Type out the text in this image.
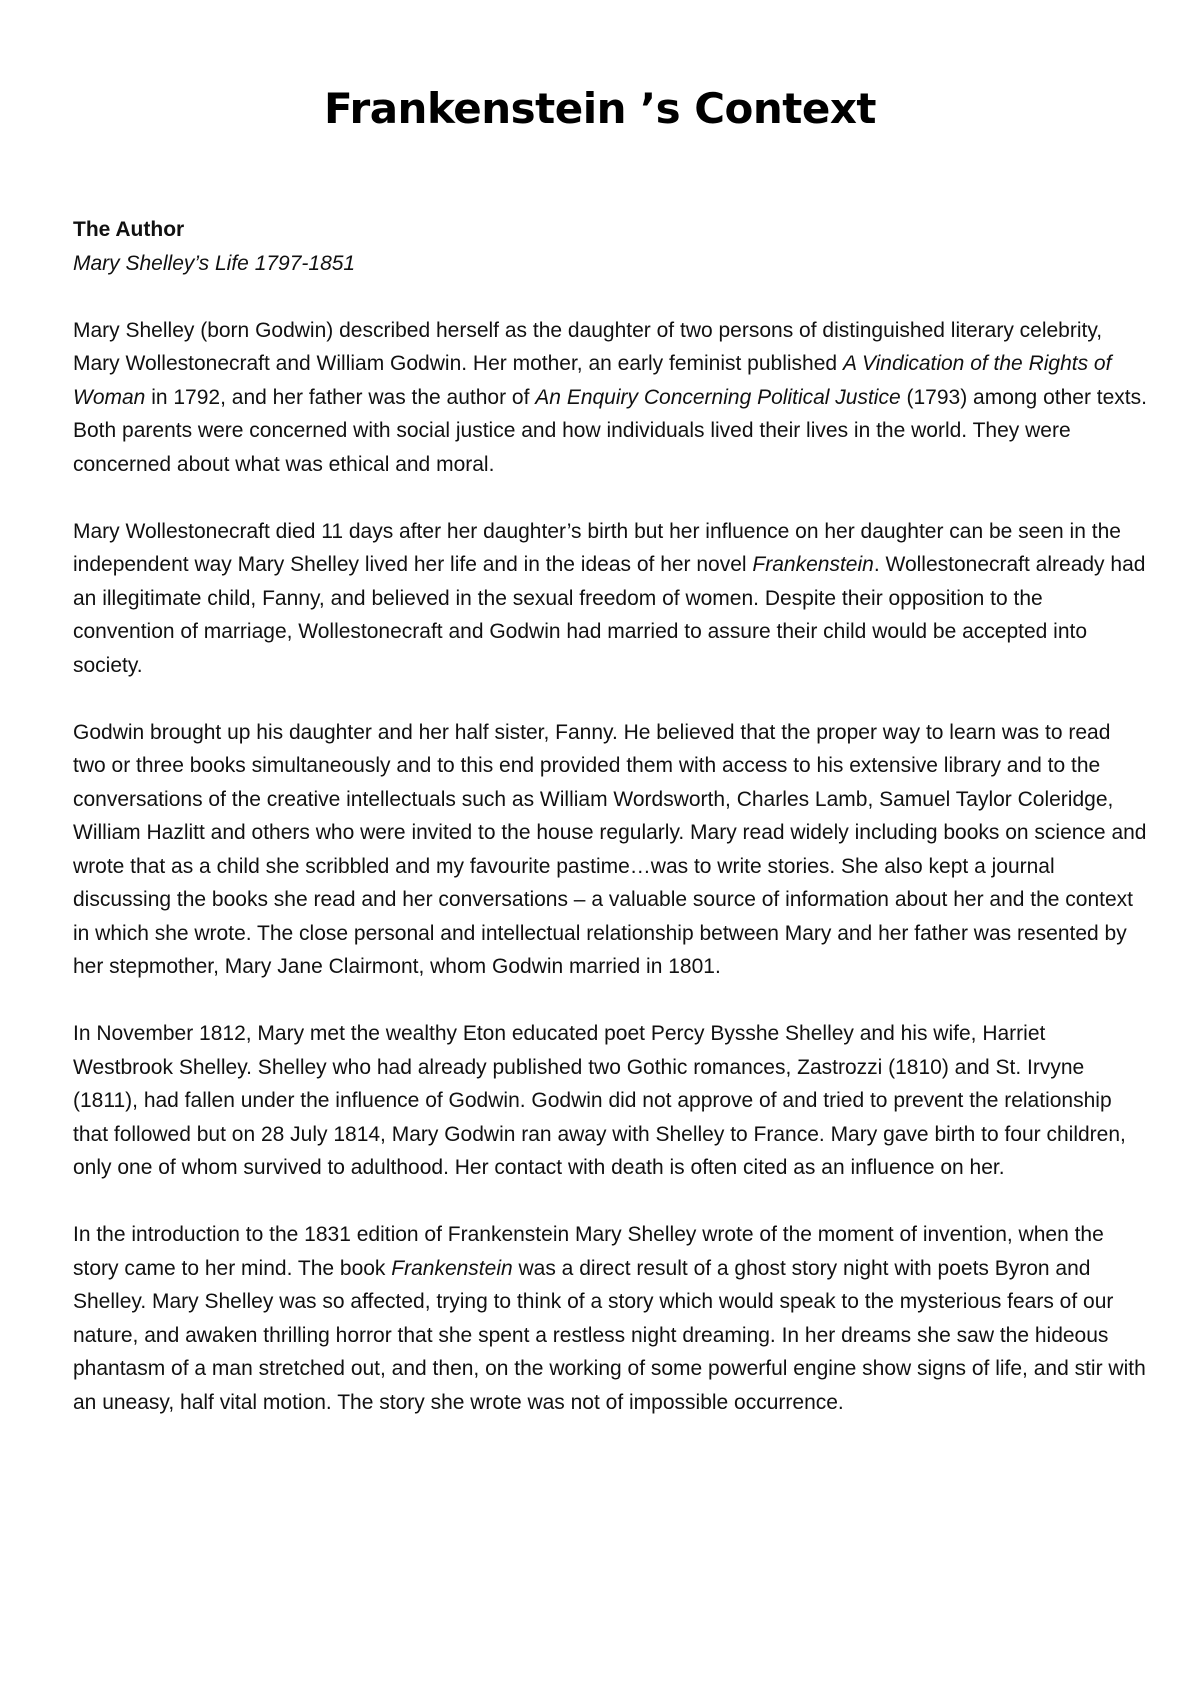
Frankenstein ’s Context

The Author

Mary Shelley’s Life 1797-1851

Mary Shelley (born Godwin) described herself as the daughter of two persons of distinguished literary celebrity, Mary Wollestonecraft and William Godwin. Her mother, an early feminist published A Vindication of the Rights of Woman in 1792, and her father was the author of An Enquiry Concerning Political Justice (1793) among other texts. Both parents were concerned with social justice and how individuals lived their lives in the world. They were concerned about what was ethical and moral.

Mary Wollestonecraft died 11 days after her daughter’s birth but her influence on her daughter can be seen in the independent way Mary Shelley lived her life and in the ideas of her novel Frankenstein. Wollestonecraft already had an illegitimate child, Fanny, and believed in the sexual freedom of women. Despite their opposition to the convention of marriage, Wollestonecraft and Godwin had married to assure their child would be accepted into society.

Godwin brought up his daughter and her half sister, Fanny. He believed that the proper way to learn was to read two or three books simultaneously and to this end provided them with access to his extensive library and to the conversations of the creative intellectuals such as William Wordsworth, Charles Lamb, Samuel Taylor Coleridge, William Hazlitt and others who were invited to the house regularly. Mary read widely including books on science and wrote that as a child she scribbled and my favourite pastime…was to write stories. She also kept a journal discussing the books she read and her conversations – a valuable source of information about her and the context in which she wrote. The close personal and intellectual relationship between Mary and her father was resented by her stepmother, Mary Jane Clairmont, whom Godwin married in 1801.

In November 1812, Mary met the wealthy Eton educated poet Percy Bysshe Shelley and his wife, Harriet Westbrook Shelley. Shelley who had already published two Gothic romances, Zastrozzi (1810) and St. Irvyne (1811), had fallen under the influence of Godwin. Godwin did not approve of and tried to prevent the relationship that followed but on 28 July 1814, Mary Godwin ran away with Shelley to France. Mary gave birth to four children, only one of whom survived to adulthood. Her contact with death is often cited as an influence on her.

In the introduction to the 1831 edition of Frankenstein Mary Shelley wrote of the moment of invention, when the story came to her mind. The book Frankenstein was a direct result of a ghost story night with poets Byron and Shelley. Mary Shelley was so affected, trying to think of a story which would speak to the mysterious fears of our nature, and awaken thrilling horror that she spent a restless night dreaming. In her dreams she saw the hideous phantasm of a man stretched out, and then, on the working of some powerful engine show signs of life, and stir with an uneasy, half vital motion. The story she wrote was not of impossible occurrence.
